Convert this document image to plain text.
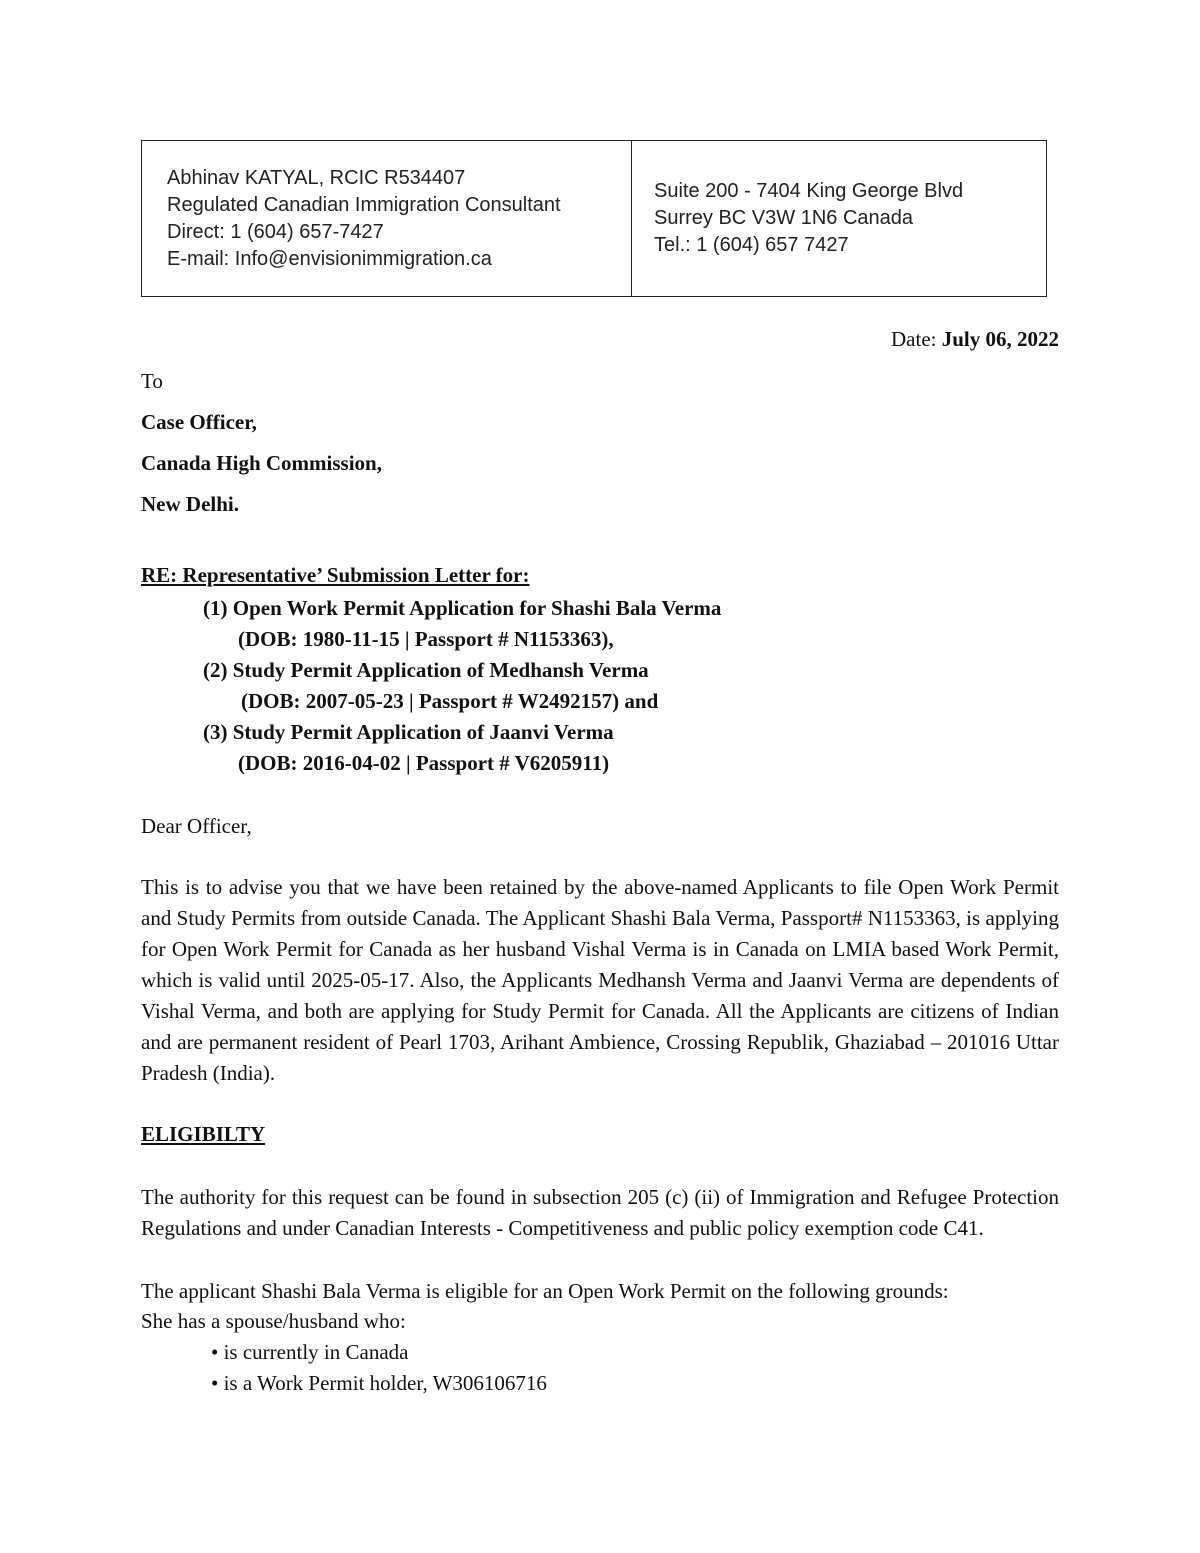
Abhinav KATYAL, RCIC R534407
Regulated Canadian Immigration Consultant
Direct: 1 (604) 657-7427
E-mail: Info@envisionimmigration.ca
Suite 200 - 7404 King George Blvd
Surrey BC V3W 1N6 Canada
Tel.: 1 (604) 657 7427
Date: July 06, 2022
To
Case Officer,
Canada High Commission,
New Delhi.
RE: Representative’ Submission Letter for:
(1) Open Work Permit Application for Shashi Bala Verma
(DOB: 1980-11-15 | Passport # N1153363),
(2) Study Permit Application of Medhansh Verma
(DOB: 2007-05-23 | Passport # W2492157) and
(3) Study Permit Application of Jaanvi Verma
(DOB: 2016-04-02 | Passport # V6205911)
Dear Officer,
This is to advise you that we have been retained by the above-named Applicants to file Open Work Permit and Study Permits from outside Canada. The Applicant Shashi Bala Verma, Passport# N1153363, is applying for Open Work Permit for Canada as her husband Vishal Verma is in Canada on LMIA based Work Permit, which is valid until 2025-05-17. Also, the Applicants Medhansh Verma and Jaanvi Verma are dependents of Vishal Verma, and both are applying for Study Permit for Canada. All the Applicants are citizens of Indian and are permanent resident of Pearl 1703, Arihant Ambience, Crossing Republik, Ghaziabad – 201016 Uttar Pradesh (India).
ELIGIBILTY
The authority for this request can be found in subsection 205 (c) (ii) of Immigration and Refugee Protection Regulations and under Canadian Interests - Competitiveness and public policy exemption code C41.
The applicant Shashi Bala Verma is eligible for an Open Work Permit on the following grounds:
She has a spouse/husband who:
• is currently in Canada
• is a Work Permit holder, W306106716
